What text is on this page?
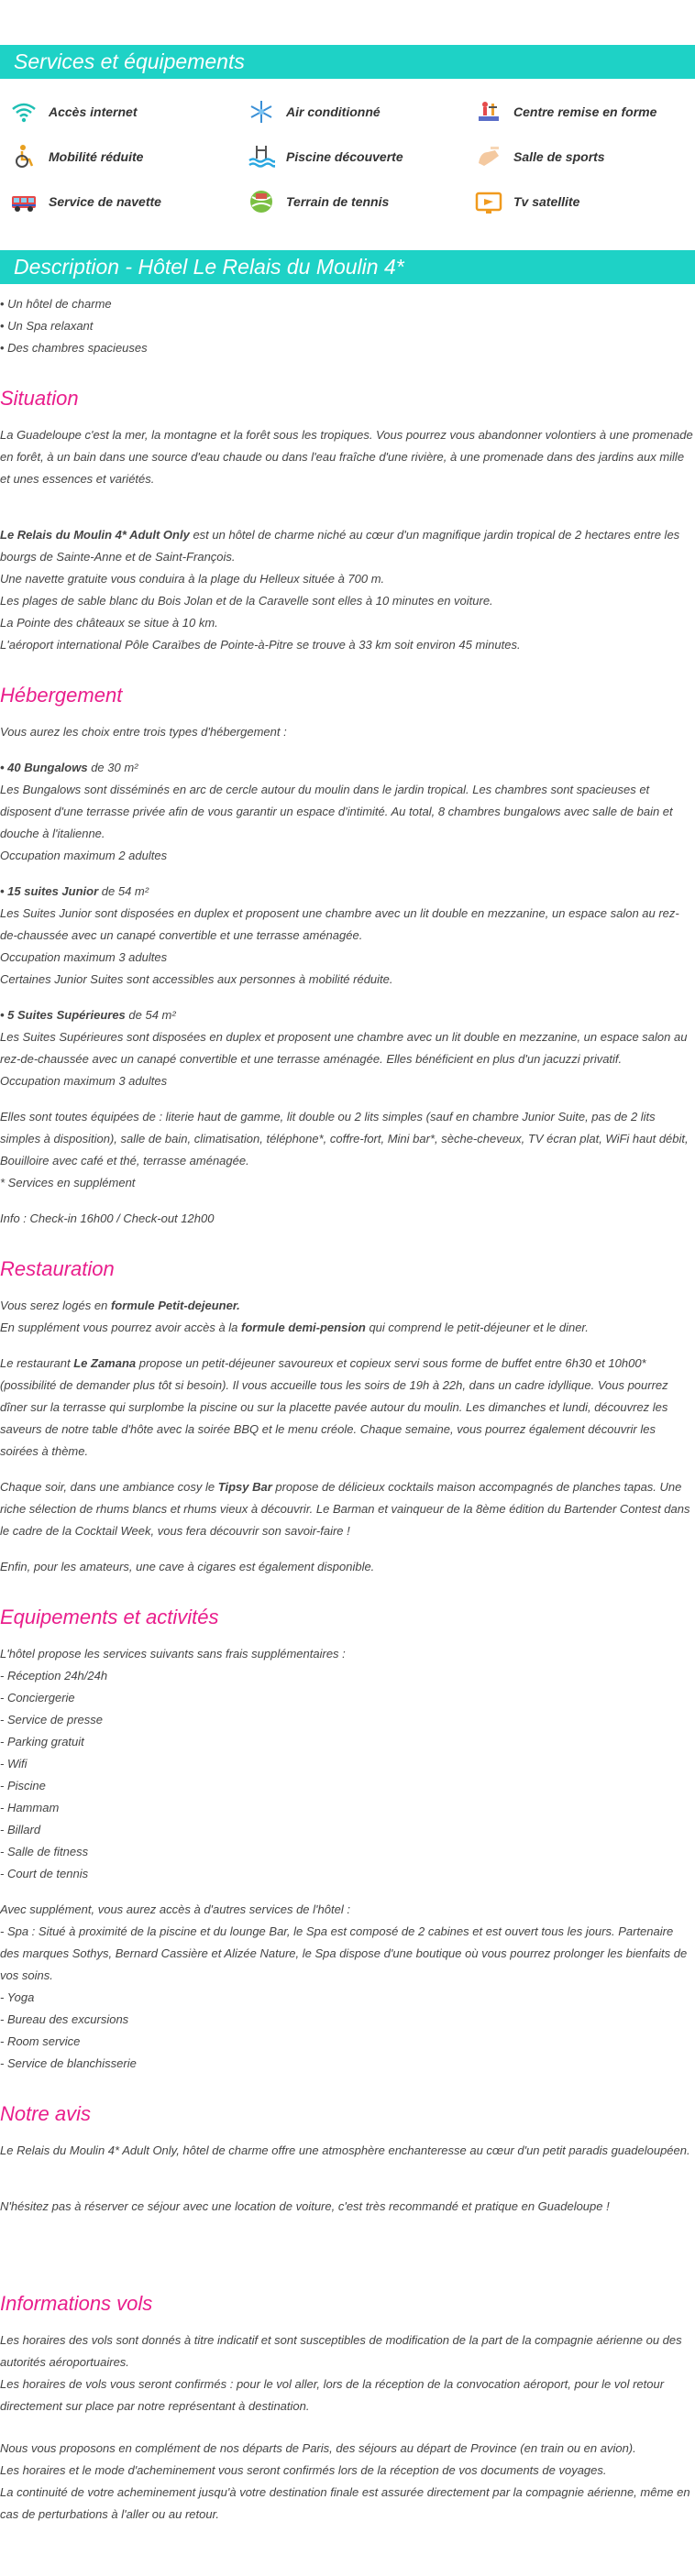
Services et équipements
Accès internet	Air conditionné	Centre remise en forme
Mobilité réduite	Piscine découverte	Salle de sports
Service de navette	Terrain de tennis	Tv satellite
Description - Hôtel Le Relais du Moulin 4*
• Un hôtel de charme
• Un Spa relaxant
• Des chambres spacieuses
Situation

La Guadeloupe c'est la mer, la montagne et la forêt sous les tropiques. Vous pourrez vous abandonner volontiers à une promenade en forêt, à un bain dans une source d'eau chaude ou dans l'eau fraîche d'une rivière, à une promenade dans des jardins aux mille et unes essences et variétés.

Le Relais du Moulin 4* Adult Only est un hôtel de charme niché au cœur d'un magnifique jardin tropical de 2 hectares entre les bourgs de Sainte-Anne et de Saint-François.
Une navette gratuite vous conduira à la plage du Helleux située à 700 m.
Les plages de sable blanc du Bois Jolan et de la Caravelle sont elles à 10 minutes en voiture.
La Pointe des châteaux se situe à 10 km.
L'aéroport international Pôle Caraïbes de Pointe-à-Pitre se trouve à 33 km soit environ 45 minutes.
Hébergement

Vous aurez les choix entre trois types d'hébergement :

• 40 Bungalows de 30 m²
Les Bungalows sont disséminés en arc de cercle autour du moulin dans le jardin tropical. Les chambres sont spacieuses et disposent d'une terrasse privée afin de vous garantir un espace d'intimité. Au total, 8 chambres bungalows avec salle de bain et douche à l'italienne.
Occupation maximum 2 adultes
• 15 suites Junior de 54 m²
Les Suites Junior sont disposées en duplex et proposent une chambre avec un lit double en mezzanine, un espace salon au rez-de-chaussée avec un canapé convertible et une terrasse aménagée.
Occupation maximum 3 adultes
Certaines Junior Suites sont accessibles aux personnes à mobilité réduite.
• 5 Suites Supérieures de 54 m²
Les Suites Supérieures sont disposées en duplex et proposent une chambre avec un lit double en mezzanine, un espace salon au rez-de-chaussée avec un canapé convertible et une terrasse aménagée. Elles bénéficient en plus d'un jacuzzi privatif.
Occupation maximum 3 adultes
Elles sont toutes équipées de : literie haut de gamme, lit double ou 2 lits simples (sauf en chambre Junior Suite, pas de 2 lits simples à disposition), salle de bain, climatisation, téléphone*, coffre-fort, Mini bar*, sèche-cheveux, TV écran plat, WiFi haut débit, Bouilloire avec café et thé, terrasse aménagée.
* Services en supplément

Info : Check-in 16h00 / Check-out 12h00

Restauration
Vous serez logés en formule Petit-dejeuner.
En supplément vous pourrez avoir accès à la formule demi-pension qui comprend le petit-déjeuner et le diner.

Le restaurant Le Zamana propose un petit-déjeuner savoureux et copieux servi sous forme de buffet entre 6h30 et 10h00* (possibilité de demander plus tôt si besoin). Il vous accueille tous les soirs de 19h à 22h, dans un cadre idyllique. Vous pourrez dîner sur la terrasse qui surplombe la piscine ou sur la placette pavée autour du moulin. Les dimanches et lundi, découvrez les saveurs de notre table d'hôte avec la soirée BBQ et le menu créole. Chaque semaine, vous pourrez également découvrir les soirées à thème.

Chaque soir, dans une ambiance cosy le Tipsy Bar propose de délicieux cocktails maison accompagnés de planches tapas. Une riche sélection de rhums blancs et rhums vieux à découvrir. Le Barman et vainqueur de la 8ème édition du Bartender Contest dans le cadre de la Cocktail Week, vous fera découvrir son savoir-faire !

Enfin, pour les amateurs, une cave à cigares est également disponible.

Equipements et activités
L'hôtel propose les services suivants sans frais supplémentaires :
- Réception 24h/24h
- Conciergerie
- Service de presse
- Parking gratuit
- Wifi
- Piscine
- Hammam
- Billard
- Salle de fitness
- Court de tennis
Avec supplément, vous aurez accès à d'autres services de l'hôtel :
- Spa : Situé à proximité de la piscine et du lounge Bar, le Spa est composé de 2 cabines et est ouvert tous les jours. Partenaire des marques Sothys, Bernard Cassière et Alizée Nature, le Spa dispose d'une boutique où vous pourrez prolonger les bienfaits de vos soins.
- Yoga
- Bureau des excursions
- Room service
- Service de blanchisserie
Notre avis

Le Relais du Moulin 4* Adult Only, hôtel de charme offre une atmosphère enchanteresse au cœur d'un petit paradis guadeloupéen.

N'hésitez pas à réserver ce séjour avec une location de voiture, c'est très recommandé et pratique en Guadeloupe !

Informations vols
Les horaires des vols sont donnés à titre indicatif et sont susceptibles de modification de la part de la compagnie aérienne ou des autorités aéroportuaires.
Les horaires de vols vous seront confirmés : pour le vol aller, lors de la réception de la convocation aéroport, pour le vol retour directement sur place par notre représentant à destination.
Nous vous proposons en complément de nos départs de Paris, des séjours au départ de Province (en train ou en avion).
Les horaires et le mode d'acheminement vous seront confirmés lors de la réception de vos documents de voyages.
La continuité de votre acheminement jusqu'à votre destination finale est assurée directement par la compagnie aérienne, même en cas de perturbations à l'aller ou au retour.
